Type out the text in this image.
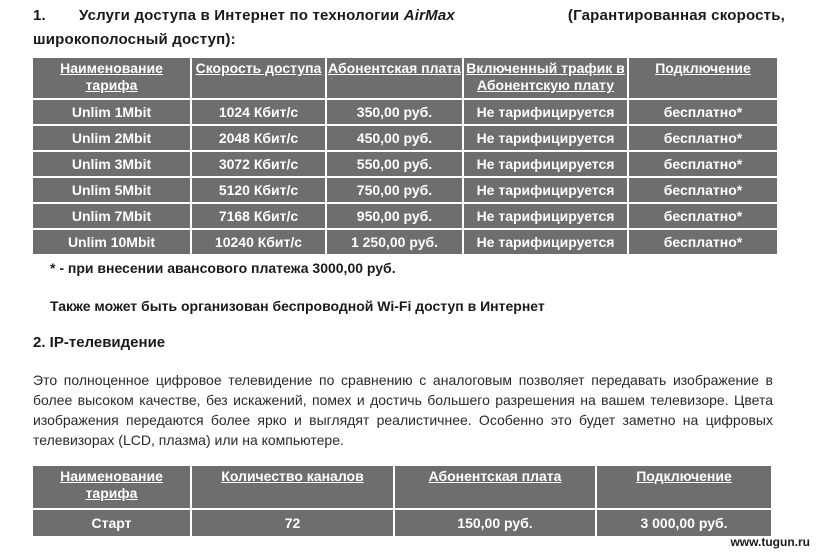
1. Услуги доступа в Интернет по технологии AirMax	(Гарантированная скорость,
широкополосный доступ):
Наименование тарифа	Скорость доступа	Абонентская плата	Включенный трафик в Абонентскую плату	Подключение
Unlim 1Mbit	1024 Кбит/с	350,00 руб.	Не тарифицируется	бесплатно*
Unlim 2Mbit	2048 Кбит/с	450,00 руб.	Не тарифицируется	бесплатно*
Unlim 3Mbit	3072 Кбит/с	550,00 руб.	Не тарифицируется	бесплатно*
Unlim 5Mbit	5120 Кбит/с	750,00 руб.	Не тарифицируется	бесплатно*
Unlim 7Mbit	7168 Кбит/с	950,00 руб.	Не тарифицируется	бесплатно*
Unlim 10Mbit	10240 Кбит/с	1 250,00 руб.	Не тарифицируется	бесплатно*
* - при внесении авансового платежа 3000,00 руб.
Также может быть организован беспроводной Wi-Fi доступ в Интернет
2. IP-телевидение
Это полноценное цифровое телевидение по сравнению с аналоговым позволяет передавать изображение в более высоком качестве, без искажений, помех и достичь большего разрешения на вашем телевизоре. Цвета изображения передаются более ярко и выглядят реалистичнее. Особенно это будет заметно на цифровых телевизорах (LCD, плазма) или на компьютере.
Наименование тарифа	Количество каналов	Абонентская плата	Подключение
Старт	72	150,00 руб.	3 000,00 руб.
www.tugun.ru
